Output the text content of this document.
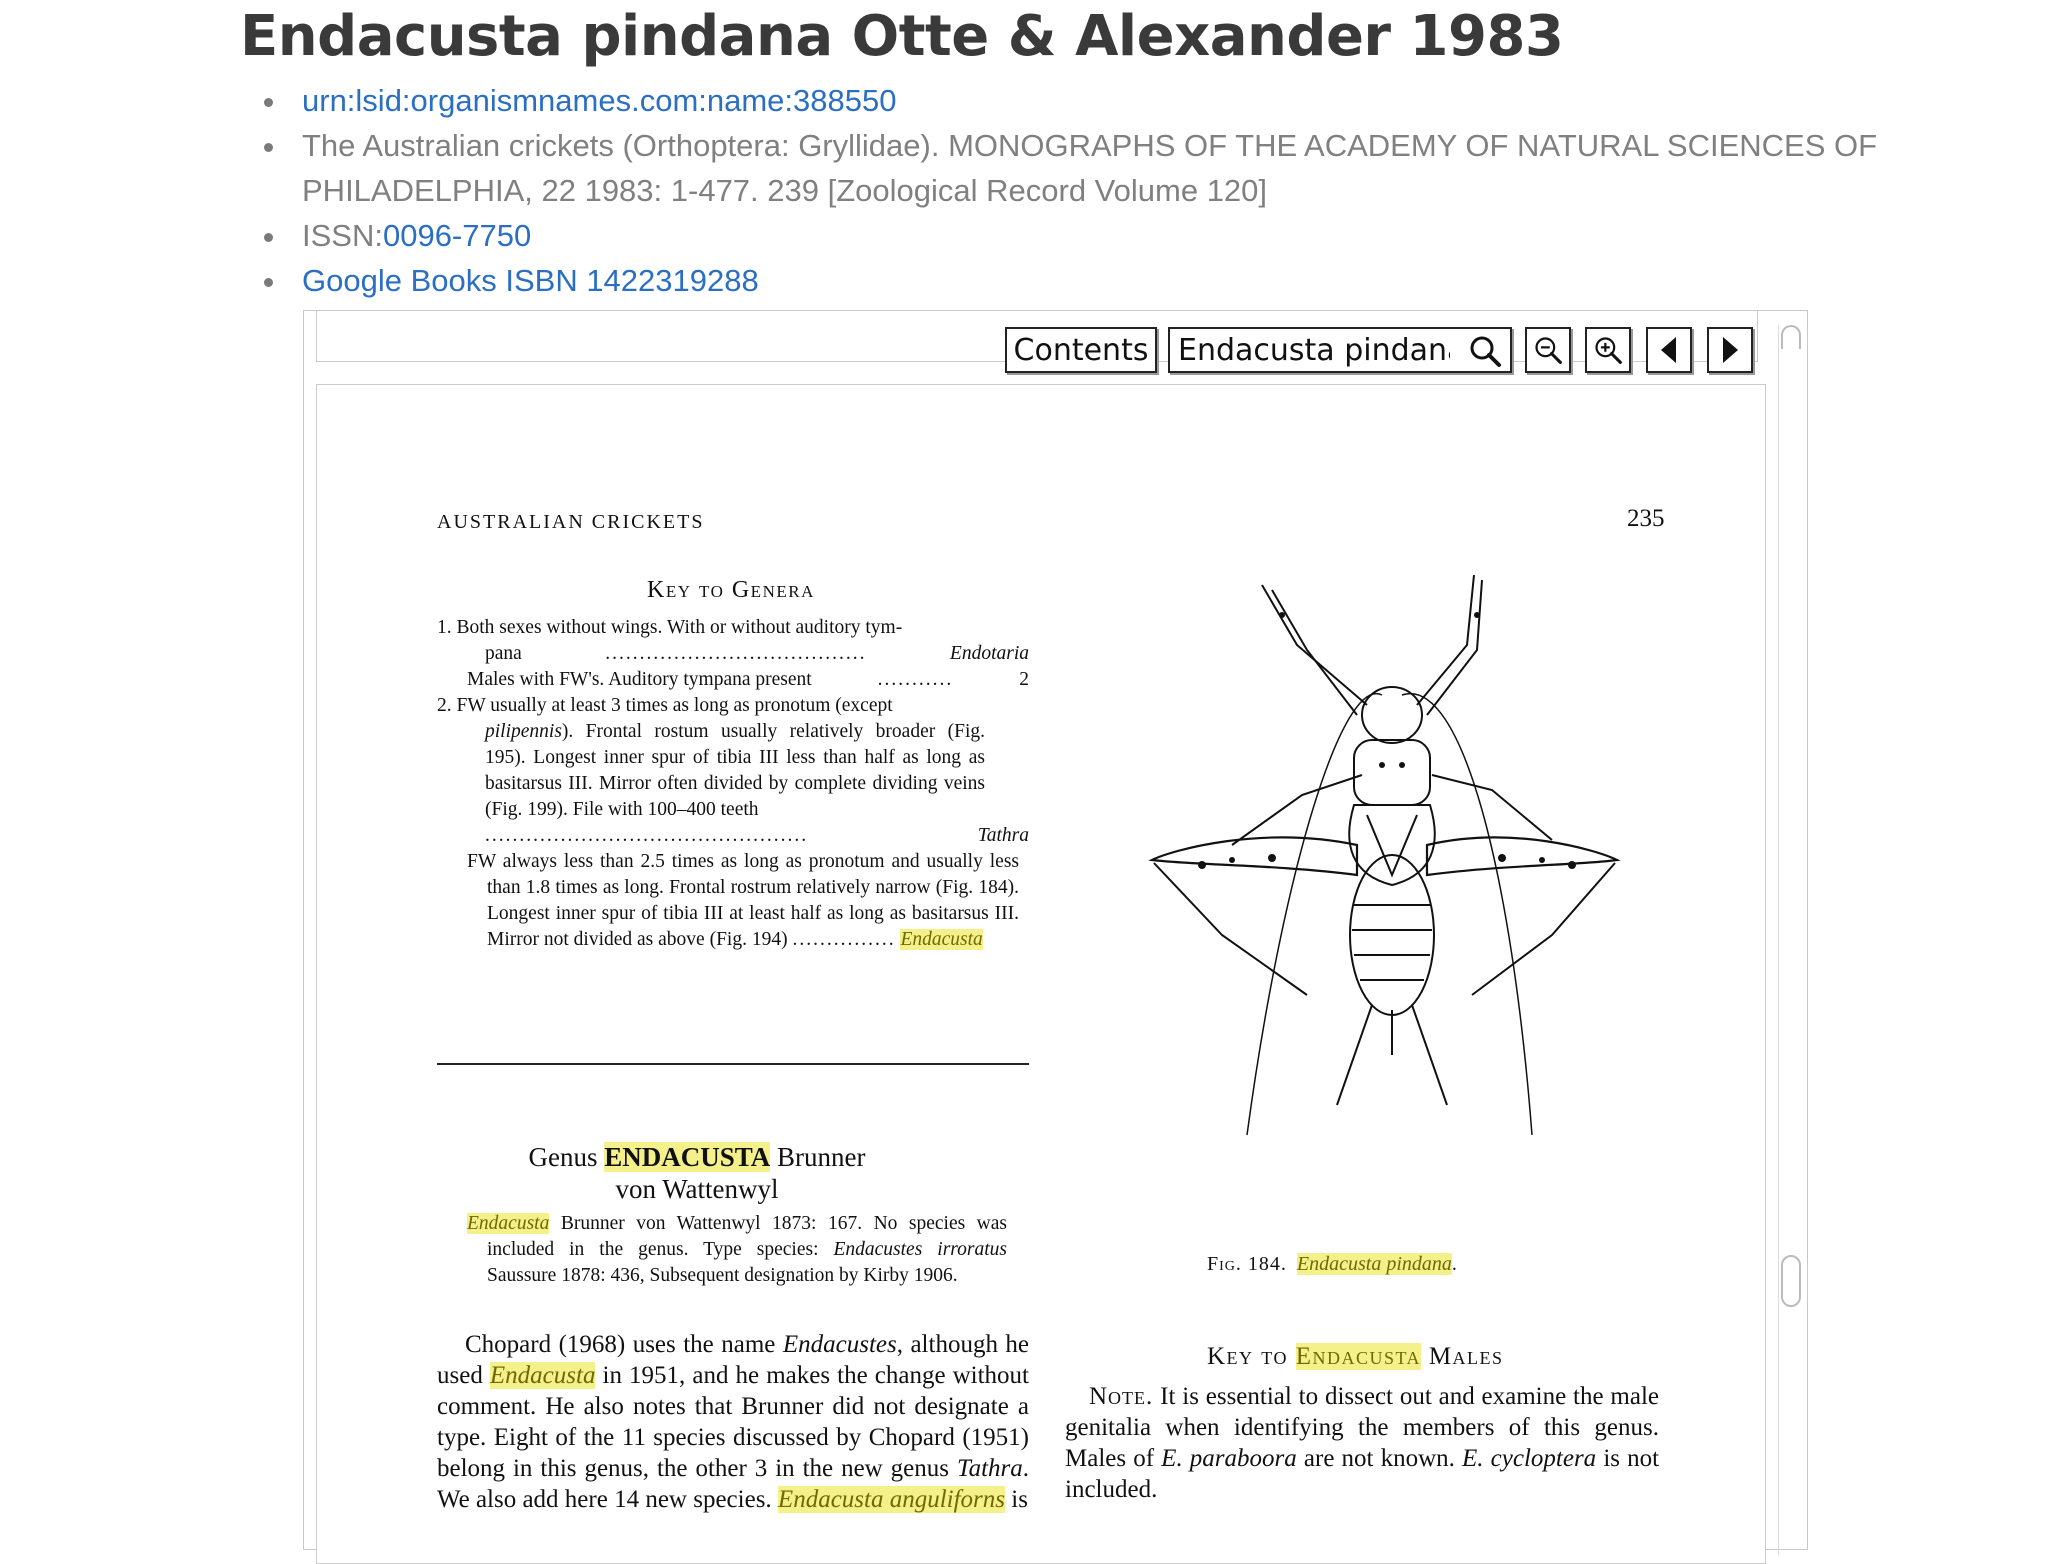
Endacusta pindana Otte & Alexander 1983
urn:lsid:organismnames.com:name:388550
The Australian crickets (Orthoptera: Gryllidae). MONOGRAPHS OF THE ACADEMY OF NATURAL SCIENCES OF PHILADELPHIA, 22 1983: 1-477. 239 [Zoological Record Volume 120]
ISSN:0096-7750
Google Books ISBN 1422319288
Contents
Endacusta pindana
AUSTRALIAN CRICKETS	235
Key to Genera
1. Both sexes without wings. With or without auditory tym-
pana	......................................	Endotaria
Males with FW's. Auditory tympana present	...........	2
2. FW usually at least 3 times as long as pronotum (except
pilipennis). Frontal rostum usually relatively broader (Fig. 195). Longest inner spur of tibia III less than half as long as basitarsus III. Mirror often divided by complete dividing veins (Fig. 199). File with 100–400 teeth
...............................................	Tathra
FW always less than 2.5 times as long as pronotum and usually less than 1.8 times as long. Frontal rostrum relatively narrow (Fig. 184). Longest inner spur of tibia III at least half as long as basitarsus III. Mirror not divided as above (Fig. 194) ............... Endacusta
Genus ENDACUSTA Brunner
von Wattenwyl
Endacusta Brunner von Wattenwyl 1873: 167. No species was included in the genus. Type species: Endacustes irroratus Saussure 1878: 436, Subsequent designation by Kirby 1906.
Chopard (1968) uses the name Endacustes, although he used Endacusta in 1951, and he makes the change without comment. He also notes that Brunner did not designate a type. Eight of the 11 species discussed by Chopard (1951) belong in this genus, the other 3 in the new genus Tathra. We also add here 14 new species. Endacusta anguliforns is
Fig. 184. Endacusta pindana.
Key to Endacusta Males
Note. It is essential to dissect out and examine the male genitalia when identifying the members of this genus. Males of E. paraboora are not known. E. cycloptera is not included.
